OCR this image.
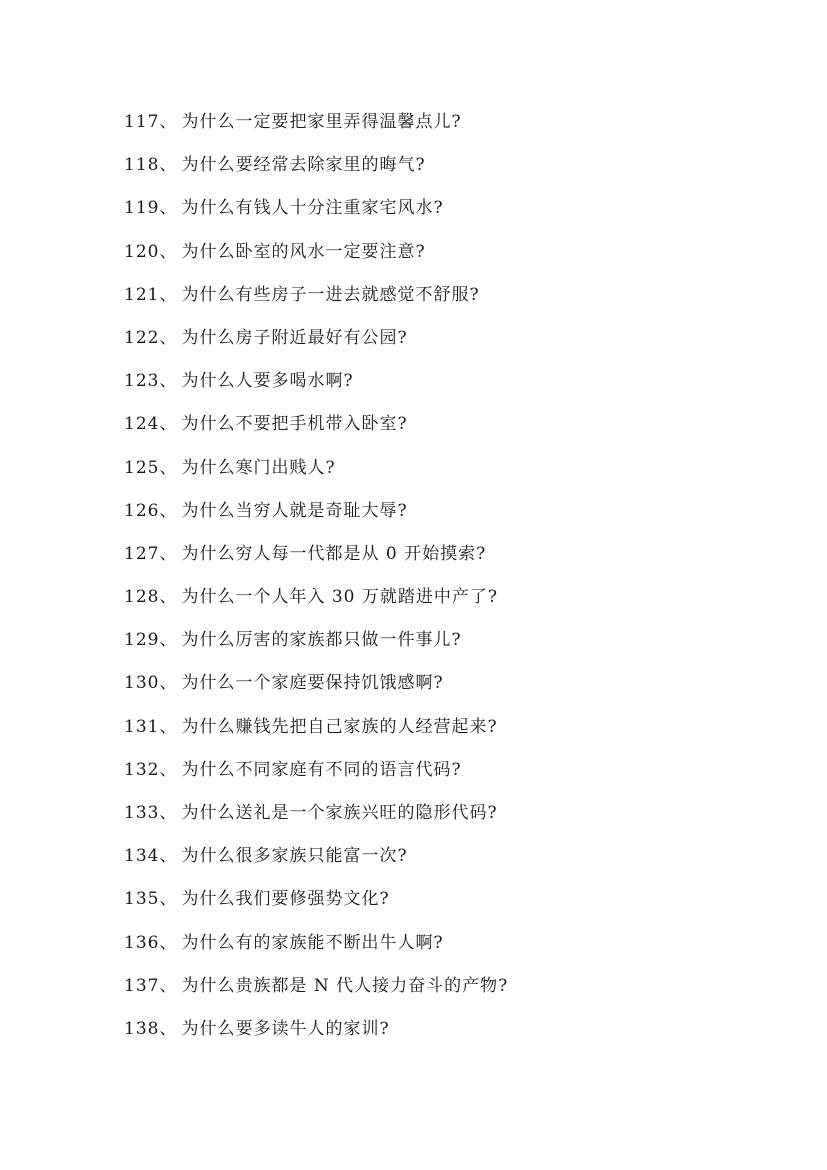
117、 为什么一定要把家里弄得温馨点儿?
118、 为什么要经常去除家里的晦气?
119、 为什么有钱人十分注重家宅风水?
120、 为什么卧室的风水一定要注意?
121、 为什么有些房子一进去就感觉不舒服?
122、 为什么房子附近最好有公园?
123、 为什么人要多喝水啊?
124、 为什么不要把手机带入卧室?
125、 为什么寒门出贱人?
126、 为什么当穷人就是奇耻大辱?
127、 为什么穷人每一代都是从 0 开始摸索?
128、 为什么一个人年入 30 万就踏进中产了?
129、 为什么厉害的家族都只做一件事儿?
130、 为什么一个家庭要保持饥饿感啊?
131、 为什么赚钱先把自己家族的人经营起来?
132、 为什么不同家庭有不同的语言代码?
133、 为什么送礼是一个家族兴旺的隐形代码?
134、 为什么很多家族只能富一次?
135、 为什么我们要修强势文化?
136、 为什么有的家族能不断出牛人啊?
137、 为什么贵族都是 N 代人接力奋斗的产物?
138、 为什么要多读牛人的家训?
